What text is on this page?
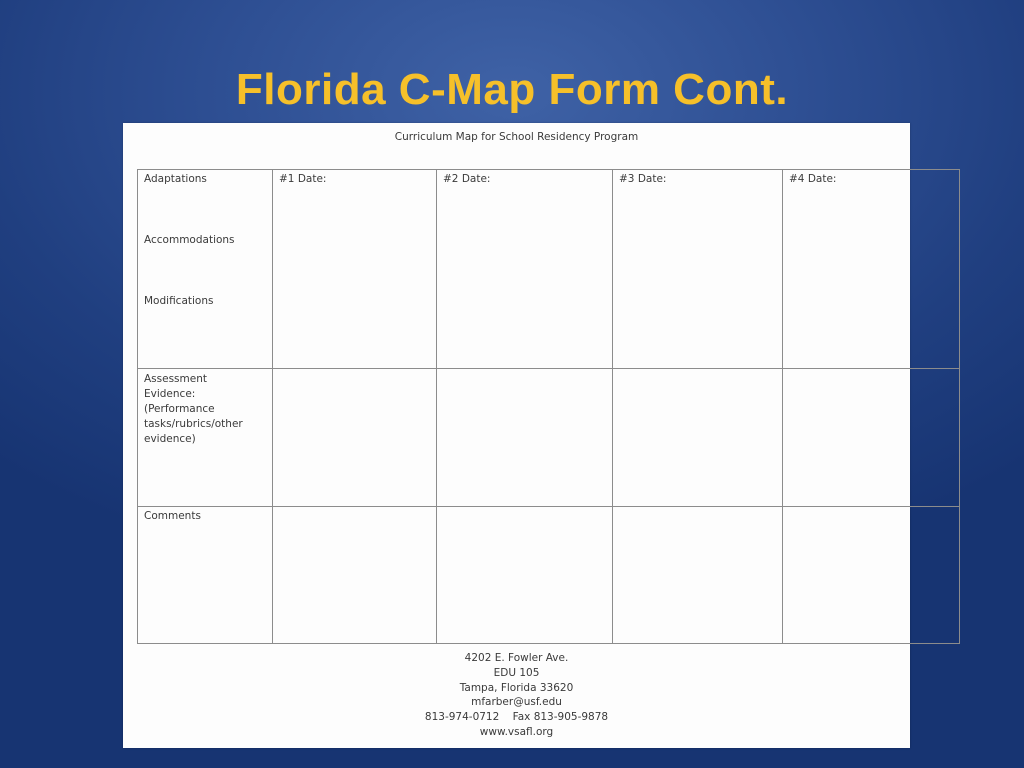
Florida C-Map Form Cont.
Curriculum Map for School Residency Program
Adaptations
Accommodations
Modifications	#1 Date:	#2 Date:	#3 Date:	#4 Date:

Assessment Evidence: (Performance tasks/rubrics/other evidence)				

Comments				
4202 E. Fowler Ave.
EDU 105
Tampa, Florida 33620
mfarber@usf.edu
813-974-0712    Fax 813-905-9878
www.vsafl.org
